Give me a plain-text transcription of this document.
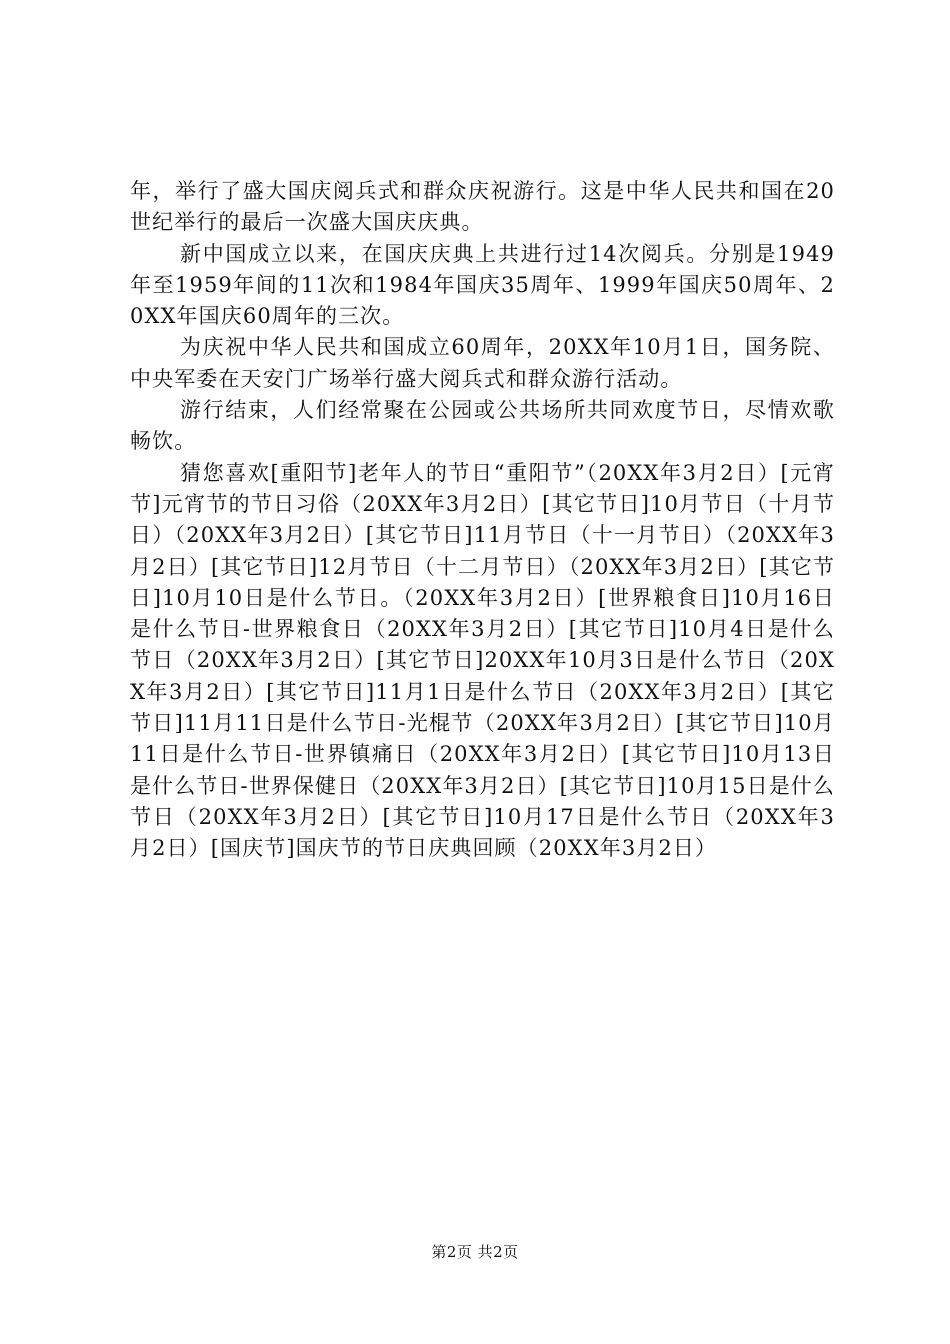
年，举行了盛大国庆阅兵式和群众庆祝游行。这是中华人民共和国在20世纪举行的最后一次盛大国庆庆典。

新中国成立以来，在国庆庆典上共进行过14次阅兵。分别是1949年至1959年间的11次和1984年国庆35周年、1999年国庆50周年、20XX年国庆60周年的三次。

为庆祝中华人民共和国成立60周年，20XX年10月1日，国务院、中央军委在天安门广场举行盛大阅兵式和群众游行活动。

游行结束，人们经常聚在公园或公共场所共同欢度节日，尽情欢歌畅饮。

猜您喜欢[重阳节]老年人的节日“重阳节”（20XX年3月2日）[元宵节]元宵节的节日习俗（20XX年3月2日）[其它节日]10月节日（十月节日）（20XX年3月2日）[其它节日]11月节日（十一月节日）（20XX年3月2日）[其它节日]12月节日（十二月节日）（20XX年3月2日）[其它节日]10月10日是什么节日。（20XX年3月2日）[世界粮食日]10月16日是什么节日-世界粮食日（20XX年3月2日）[其它节日]10月4日是什么节日（20XX年3月2日）[其它节日]20XX年10月3日是什么节日（20XX年3月2日）[其它节日]11月1日是什么节日（20XX年3月2日）[其它节日]11月11日是什么节日-光棍节（20XX年3月2日）[其它节日]10月11日是什么节日-世界镇痛日（20XX年3月2日）[其它节日]10月13日是什么节日-世界保健日（20XX年3月2日）[其它节日]10月15日是什么节日（20XX年3月2日）[其它节日]10月17日是什么节日（20XX年3月2日）[国庆节]国庆节的节日庆典回顾（20XX年3月2日）

第2页 共2页
